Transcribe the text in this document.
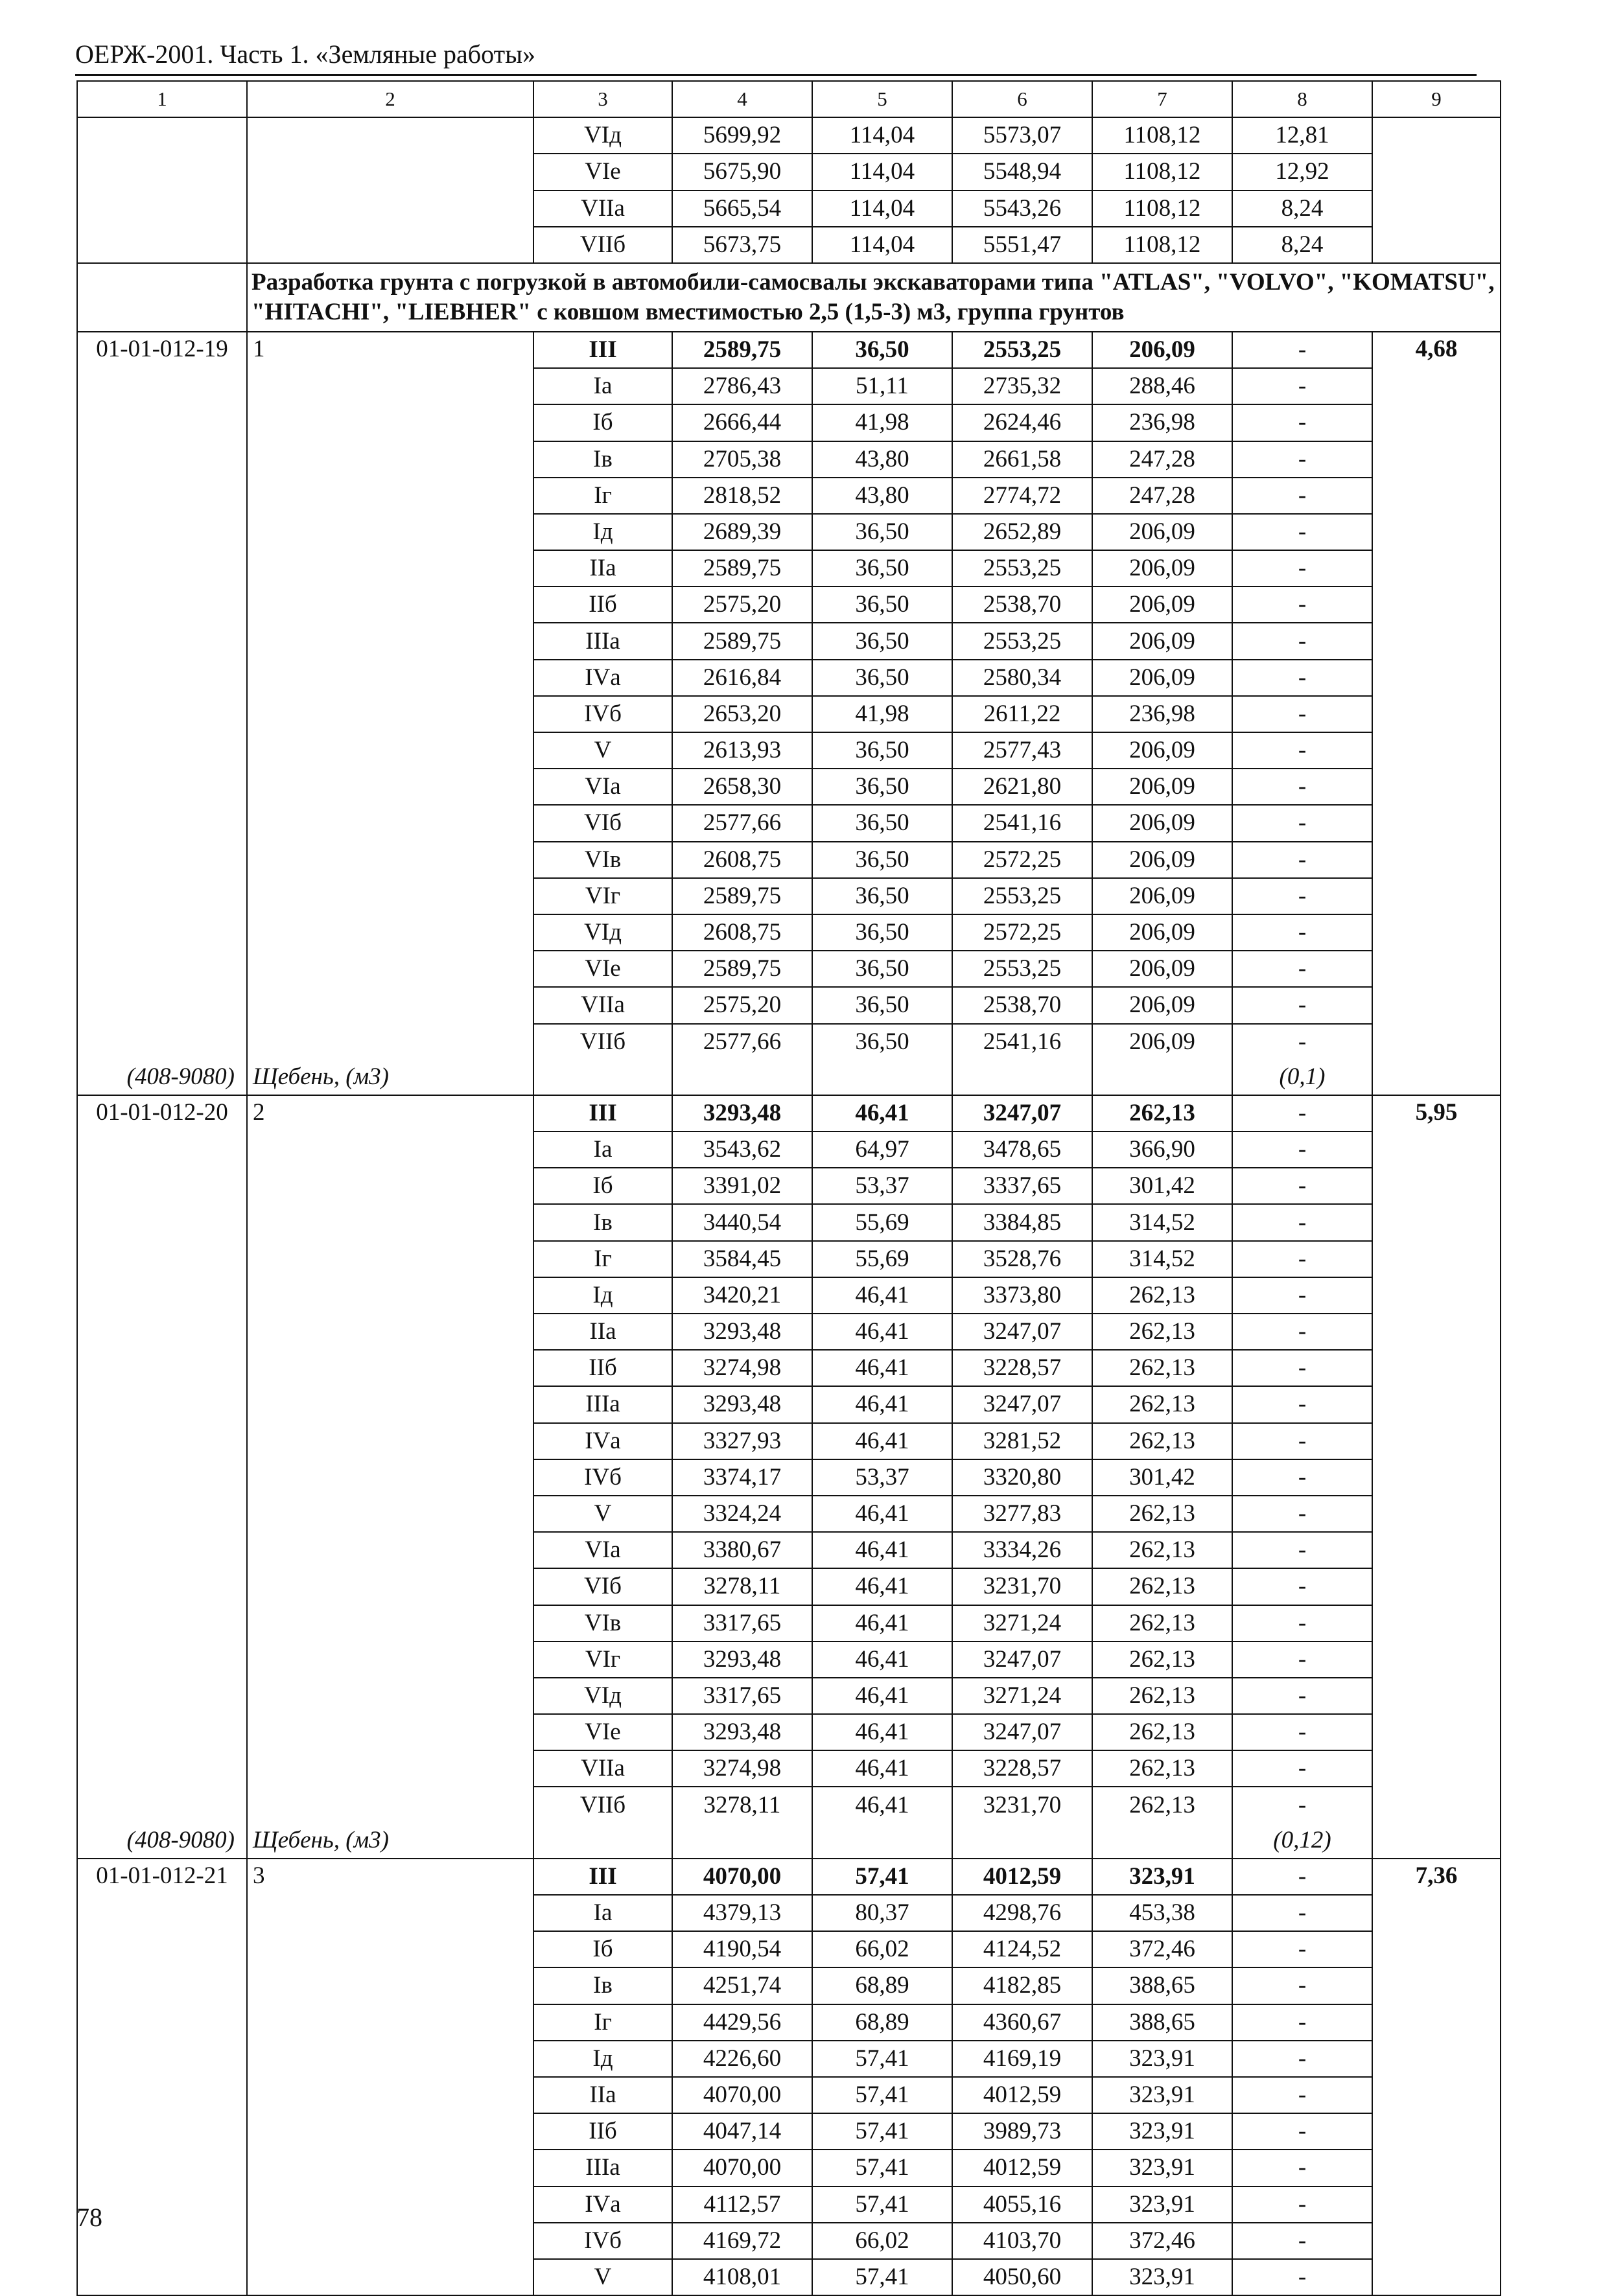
ОЕРЖ-2001. Часть 1. «Земляные работы»
1	2	3	4	5	6	7	8	9
		VIд	5699,92	114,04	5573,07	1108,12	12,81	
		VIе	5675,90	114,04	5548,94	1108,12	12,92	
		VIIа	5665,54	114,04	5543,26	1108,12	8,24	
		VIIб	5673,75	114,04	5551,47	1108,12	8,24	
	Разработка грунта с погрузкой в автомобили-самосвалы экскаваторами типа "ATLAS", "VOLVO", "KOMATSU", "HITACHI", "LIEBHER" с ковшом вместимостью 2,5 (1,5-3) м3, группа грунтов							
01-01-012-19	1	III	2589,75	36,50	2553,25	206,09	-	4,68
		Iа	2786,43	51,11	2735,32	288,46	-	
		Iб	2666,44	41,98	2624,46	236,98	-	
		Iв	2705,38	43,80	2661,58	247,28	-	
		Iг	2818,52	43,80	2774,72	247,28	-	
		Iд	2689,39	36,50	2652,89	206,09	-	
		IIа	2589,75	36,50	2553,25	206,09	-	
		IIб	2575,20	36,50	2538,70	206,09	-	
		IIIа	2589,75	36,50	2553,25	206,09	-	
		IVа	2616,84	36,50	2580,34	206,09	-	
		IVб	2653,20	41,98	2611,22	236,98	-	
		V	2613,93	36,50	2577,43	206,09	-	
		VIа	2658,30	36,50	2621,80	206,09	-	
		VIб	2577,66	36,50	2541,16	206,09	-	
		VIв	2608,75	36,50	2572,25	206,09	-	
		VIг	2589,75	36,50	2553,25	206,09	-	
		VIд	2608,75	36,50	2572,25	206,09	-	
		VIе	2589,75	36,50	2553,25	206,09	-	
		VIIа	2575,20	36,50	2538,70	206,09	-	
		VIIб	2577,66	36,50	2541,16	206,09	-	
(408-9080)	Щебень, (м3)						(0,1)	
01-01-012-20	2	III	3293,48	46,41	3247,07	262,13	-	5,95
		Iа	3543,62	64,97	3478,65	366,90	-	
		Iб	3391,02	53,37	3337,65	301,42	-	
		Iв	3440,54	55,69	3384,85	314,52	-	
		Iг	3584,45	55,69	3528,76	314,52	-	
		Iд	3420,21	46,41	3373,80	262,13	-	
		IIа	3293,48	46,41	3247,07	262,13	-	
		IIб	3274,98	46,41	3228,57	262,13	-	
		IIIа	3293,48	46,41	3247,07	262,13	-	
		IVа	3327,93	46,41	3281,52	262,13	-	
		IVб	3374,17	53,37	3320,80	301,42	-	
		V	3324,24	46,41	3277,83	262,13	-	
		VIа	3380,67	46,41	3334,26	262,13	-	
		VIб	3278,11	46,41	3231,70	262,13	-	
		VIв	3317,65	46,41	3271,24	262,13	-	
		VIг	3293,48	46,41	3247,07	262,13	-	
		VIд	3317,65	46,41	3271,24	262,13	-	
		VIе	3293,48	46,41	3247,07	262,13	-	
		VIIа	3274,98	46,41	3228,57	262,13	-	
		VIIб	3278,11	46,41	3231,70	262,13	-	
(408-9080)	Щебень, (м3)						(0,12)	
01-01-012-21	3	III	4070,00	57,41	4012,59	323,91	-	7,36
		Iа	4379,13	80,37	4298,76	453,38	-	
		Iб	4190,54	66,02	4124,52	372,46	-	
		Iв	4251,74	68,89	4182,85	388,65	-	
		Iг	4429,56	68,89	4360,67	388,65	-	
		Iд	4226,60	57,41	4169,19	323,91	-	
		IIа	4070,00	57,41	4012,59	323,91	-	
		IIб	4047,14	57,41	3989,73	323,91	-	
		IIIа	4070,00	57,41	4012,59	323,91	-	
		IVа	4112,57	57,41	4055,16	323,91	-	
		IVб	4169,72	66,02	4103,70	372,46	-	
		V	4108,01	57,41	4050,60	323,91	-	
78
